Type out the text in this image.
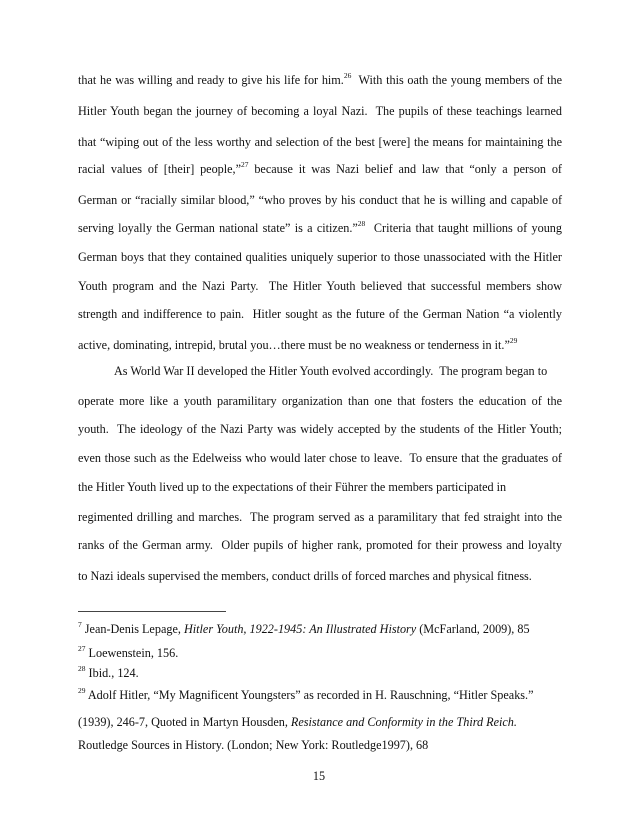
that he was willing and ready to give his life for him.$^{26}$  With this oath the young members of the
Hitler Youth began the journey of becoming a loyal Nazi.  The pupils of these teachings learned
that “wiping out of the less worthy and selection of the best [were] the means for maintaining the
racial values of [their] people,”$^{27}$ because it was Nazi belief and law that “only a person of
German or “racially similar blood,” “who proves by his conduct that he is willing and capable of
serving loyally the German national state” is a citizen.”$^{28}$  Criteria that taught millions of young
German boys that they contained qualities uniquely superior to those unassociated with the Hitler
Youth program and the Nazi Party.  The Hitler Youth believed that successful members show
strength and indifference to pain.  Hitler sought as the future of the German Nation “a violently
active, dominating, intrepid, brutal you…there must be no weakness or tenderness in it.”$^{29}$
As World War II developed the Hitler Youth evolved accordingly.  The program began to
operate more like a youth paramilitary organization than one that fosters the education of the
youth.  The ideology of the Nazi Party was widely accepted by the students of the Hitler Youth;
even those such as the Edelweiss who would later chose to leave.  To ensure that the graduates of
the Hitler Youth lived up to the expectations of their Führer the members participated in
regimented drilling and marches.  The program served as a paramilitary that fed straight into the
ranks of the German army.  Older pupils of higher rank, promoted for their prowess and loyalty
to Nazi ideals supervised the members, conduct drills of forced marches and physical fitness.
$^7$ Jean-Denis Lepage, Hitler Youth, 1922-1945: An Illustrated History (McFarland, 2009), 85
$^{27}$ Loewenstein, 156.
$^{28}$ Ibid., 124.
$^{29}$ Adolf Hitler, “My Magnificent Youngsters” as recorded in H. Rauschning, “Hitler Speaks.”
(1939), 246-7, Quoted in Martyn Housden, Resistance and Conformity in the Third Reich.
Routledge Sources in History. (London; New York: Routledge1997), 68
15
